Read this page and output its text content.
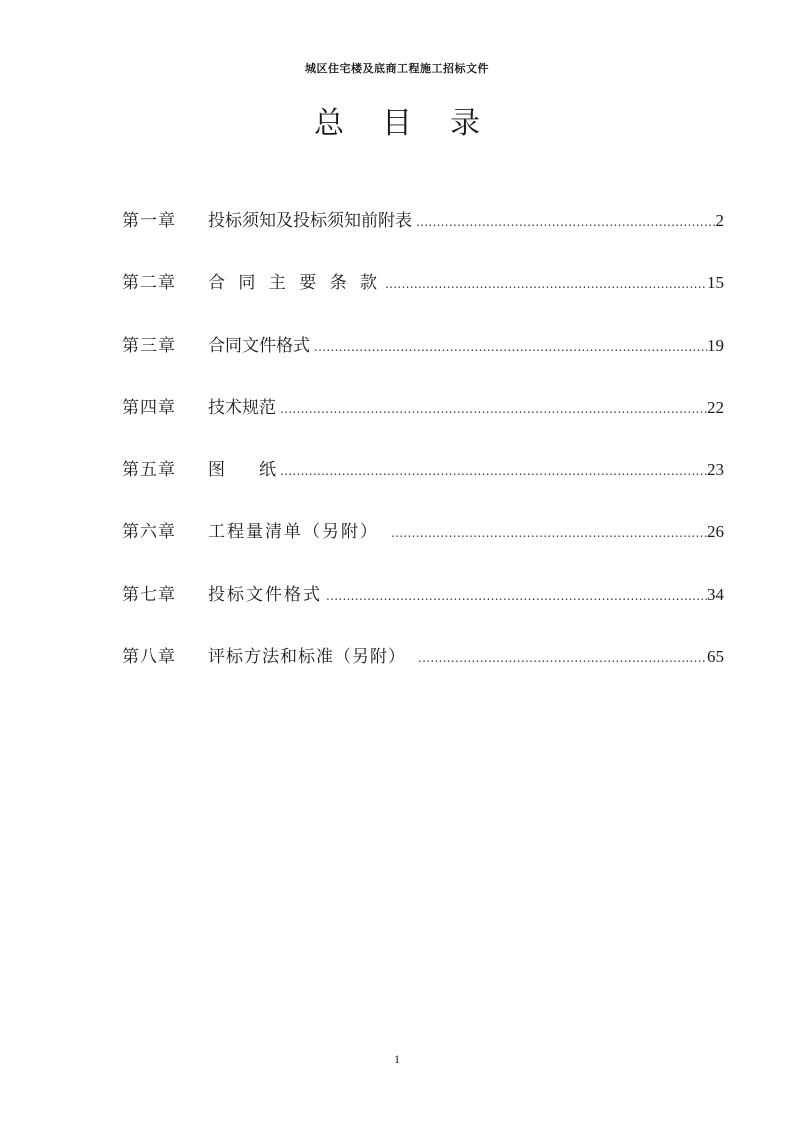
城区住宅楼及底商工程施工招标文件
总目录
第一章	投标须知及投标须知前附表 .....	2
第二章	合 同 主 要 条 款 .....	15
第三章	合同文件格式 .....	19
第四章	技术规范 .....	22
第五章	图　　纸 .....	23
第六章	工程量清单（另附） .....	26
第七章	投标文件格式 .....	34
第八章	评标方法和标准（另附） .....	65
1
